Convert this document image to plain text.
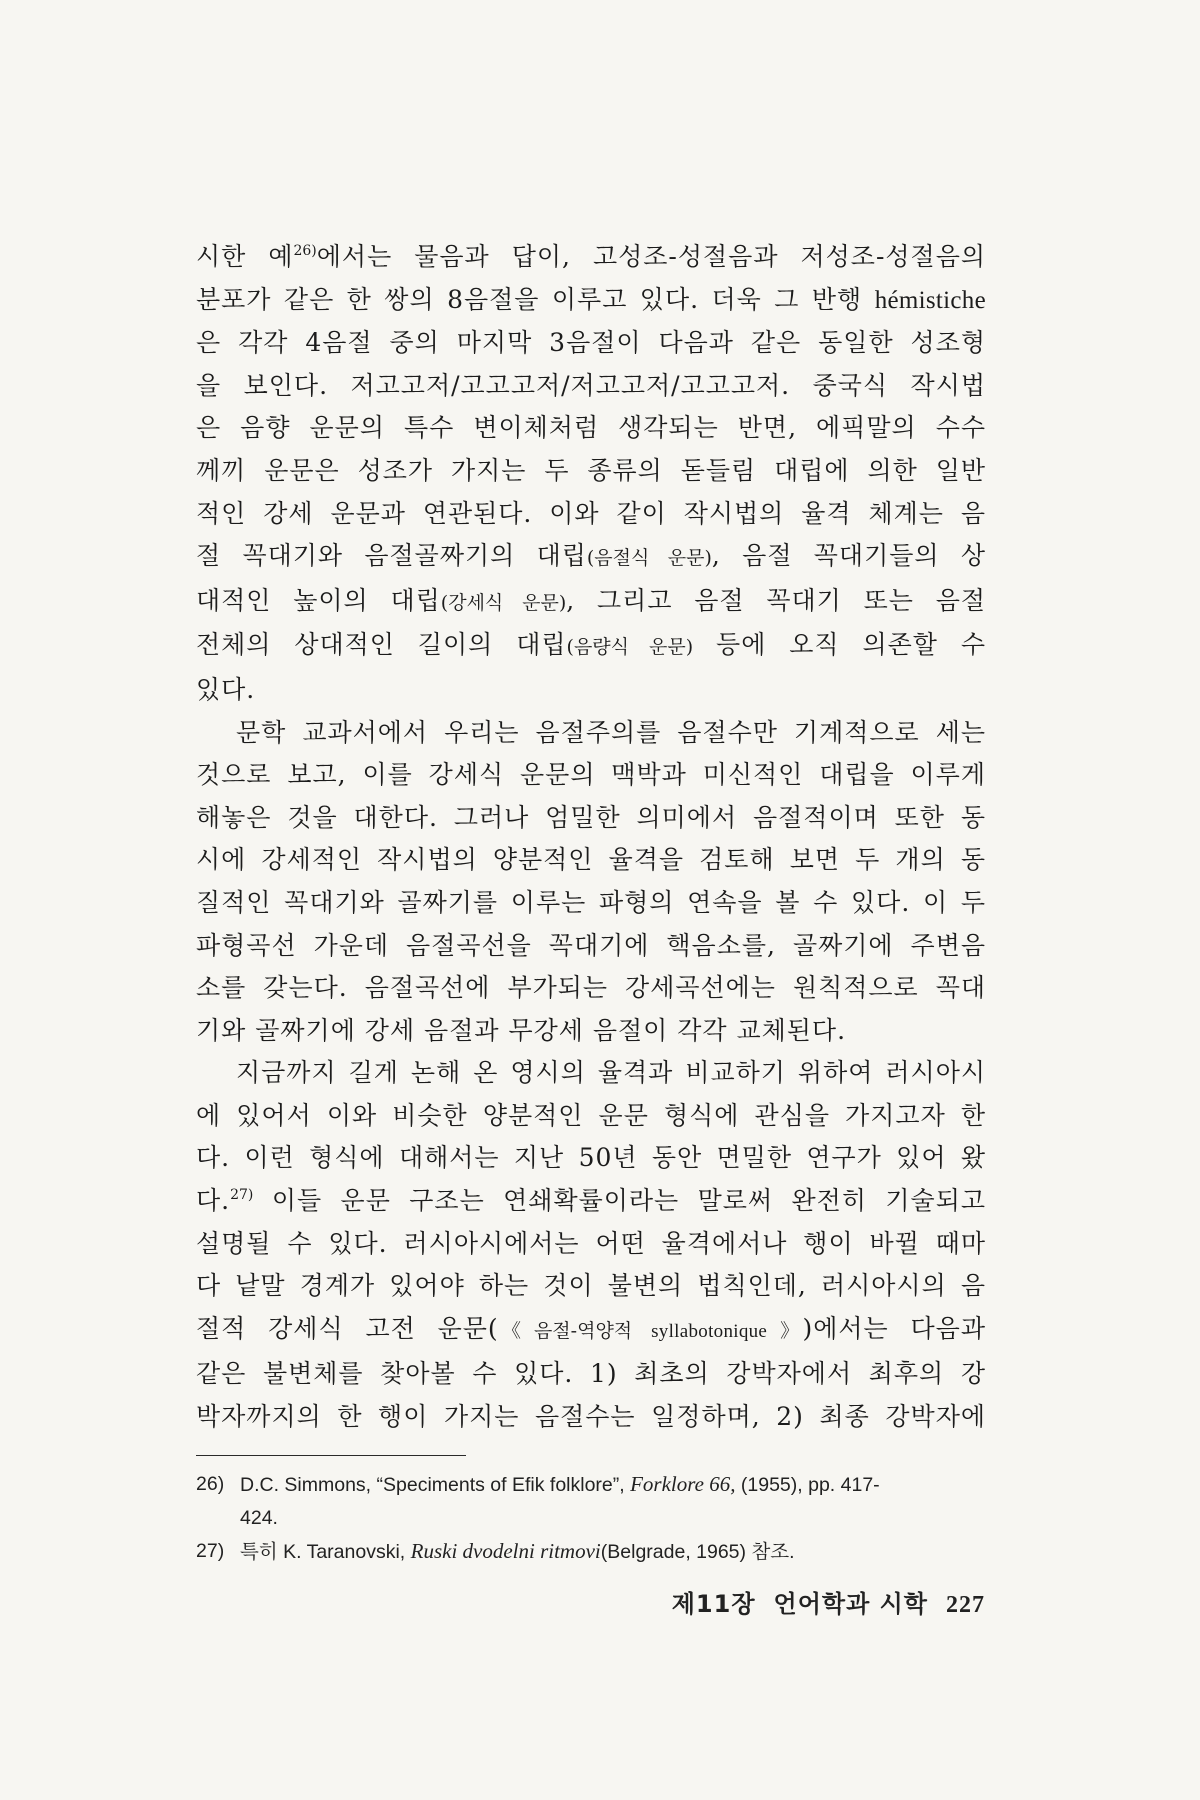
시한 예$^{26)}$에서는 물음과 답이, 고성조-성절음과 저성조-성절음의

분포가 같은 한 쌍의 8음절을 이루고 있다. 더욱 그 반행 hémistiche

은 각각 4음절 중의 마지막 3음절이 다음과 같은 동일한 성조형

을 보인다. 저고고저/고고고저/저고고저/고고고저. 중국식 작시법

은 음향 운문의 특수 변이체처럼 생각되는 반면, 에픽말의 수수

께끼 운문은 성조가 가지는 두 종류의 돋들림 대립에 의한 일반

적인 강세 운문과 연관된다. 이와 같이 작시법의 율격 체계는 음

절 꼭대기와 음절골짜기의 대립(음절식 운문), 음절 꼭대기들의 상

대적인 높이의 대립(강세식 운문), 그리고 음절 꼭대기 또는 음절

전체의 상대적인 길이의 대립(음량식 운문) 등에 오직 의존할 수

있다.

문학 교과서에서 우리는 음절주의를 음절수만 기계적으로 세는

것으로 보고, 이를 강세식 운문의 맥박과 미신적인 대립을 이루게

해놓은 것을 대한다. 그러나 엄밀한 의미에서 음절적이며 또한 동

시에 강세적인 작시법의 양분적인 율격을 검토해 보면 두 개의 동

질적인 꼭대기와 골짜기를 이루는 파형의 연속을 볼 수 있다. 이 두

파형곡선 가운데 음절곡선을 꼭대기에 핵음소를, 골짜기에 주변음

소를 갖는다. 음절곡선에 부가되는 강세곡선에는 원칙적으로 꼭대

기와 골짜기에 강세 음절과 무강세 음절이 각각 교체된다.

지금까지 길게 논해 온 영시의 율격과 비교하기 위하여 러시아시

에 있어서 이와 비슷한 양분적인 운문 형식에 관심을 가지고자 한

다. 이런 형식에 대해서는 지난 50년 동안 면밀한 연구가 있어 왔

다.$^{27)}$ 이들 운문 구조는 연쇄확률이라는 말로써 완전히 기술되고

설명될 수 있다. 러시아시에서는 어떤 율격에서나 행이 바뀔 때마

다 낱말 경계가 있어야 하는 것이 불변의 법칙인데, 러시아시의 음

절적 강세식 고전 운문(《음절-역양적 syllabotonique》)에서는 다음과

같은 불변체를 찾아볼 수 있다. 1) 최초의 강박자에서 최후의 강

박자까지의 한 행이 가지는 음절수는 일정하며, 2) 최종 강박자에

26) D.C. Simmons, “Speciments of Efik folklore”, Forklore 66, (1955), pp. 417-
424.
27) 특히 K. Taranovski, Ruski dvodelni ritmovi(Belgrade, 1965) 참조.
제11장 언어학과 시학 227
